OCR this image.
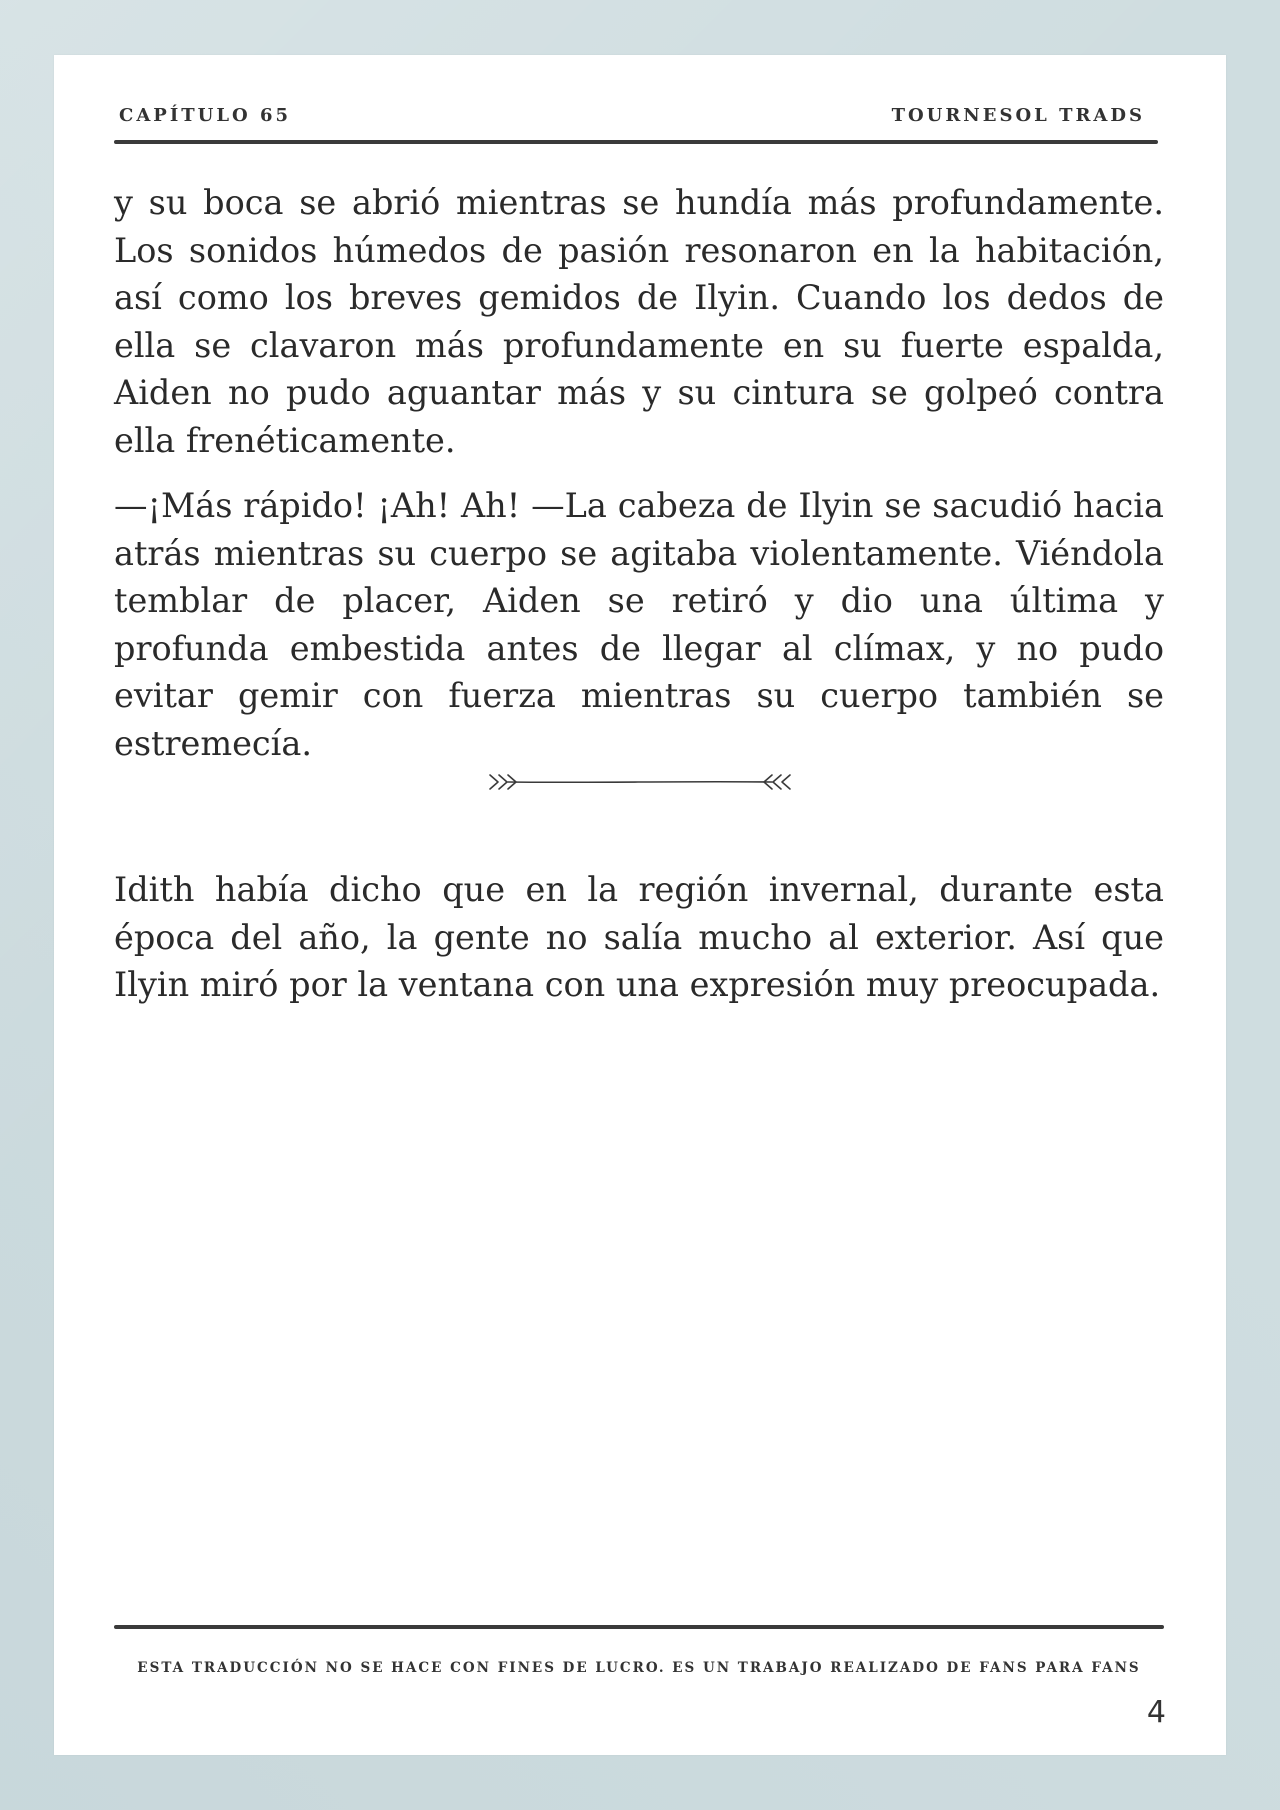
CAPÍTULO 65	TOURNESOL TRADS

y su boca se abrió mientras se hundía más profundamente. Los sonidos húmedos de pasión resonaron en la habitación, así como los breves gemidos de Ilyin. Cuando los dedos de ella se clavaron más profundamente en su fuerte espalda, Aiden no pudo aguantar más y su cintura se golpeó contra ella frenéticamente.

—¡Más rápido! ¡Ah! Ah! —La cabeza de Ilyin se sacudió hacia atrás mientras su cuerpo se agitaba violentamente. Viéndola temblar de placer, Aiden se retiró y dio una última y profunda embestida antes de llegar al clímax, y no pudo evitar gemir con fuerza mientras su cuerpo también se estremecía.

Idith había dicho que en la región invernal, durante esta época del año, la gente no salía mucho al exterior. Así que Ilyin miró por la ventana con una expresión muy preocupada.

ESTA TRADUCCIÓN NO SE HACE CON FINES DE LUCRO. ES UN TRABAJO REALIZADO DE FANS PARA FANS
4
